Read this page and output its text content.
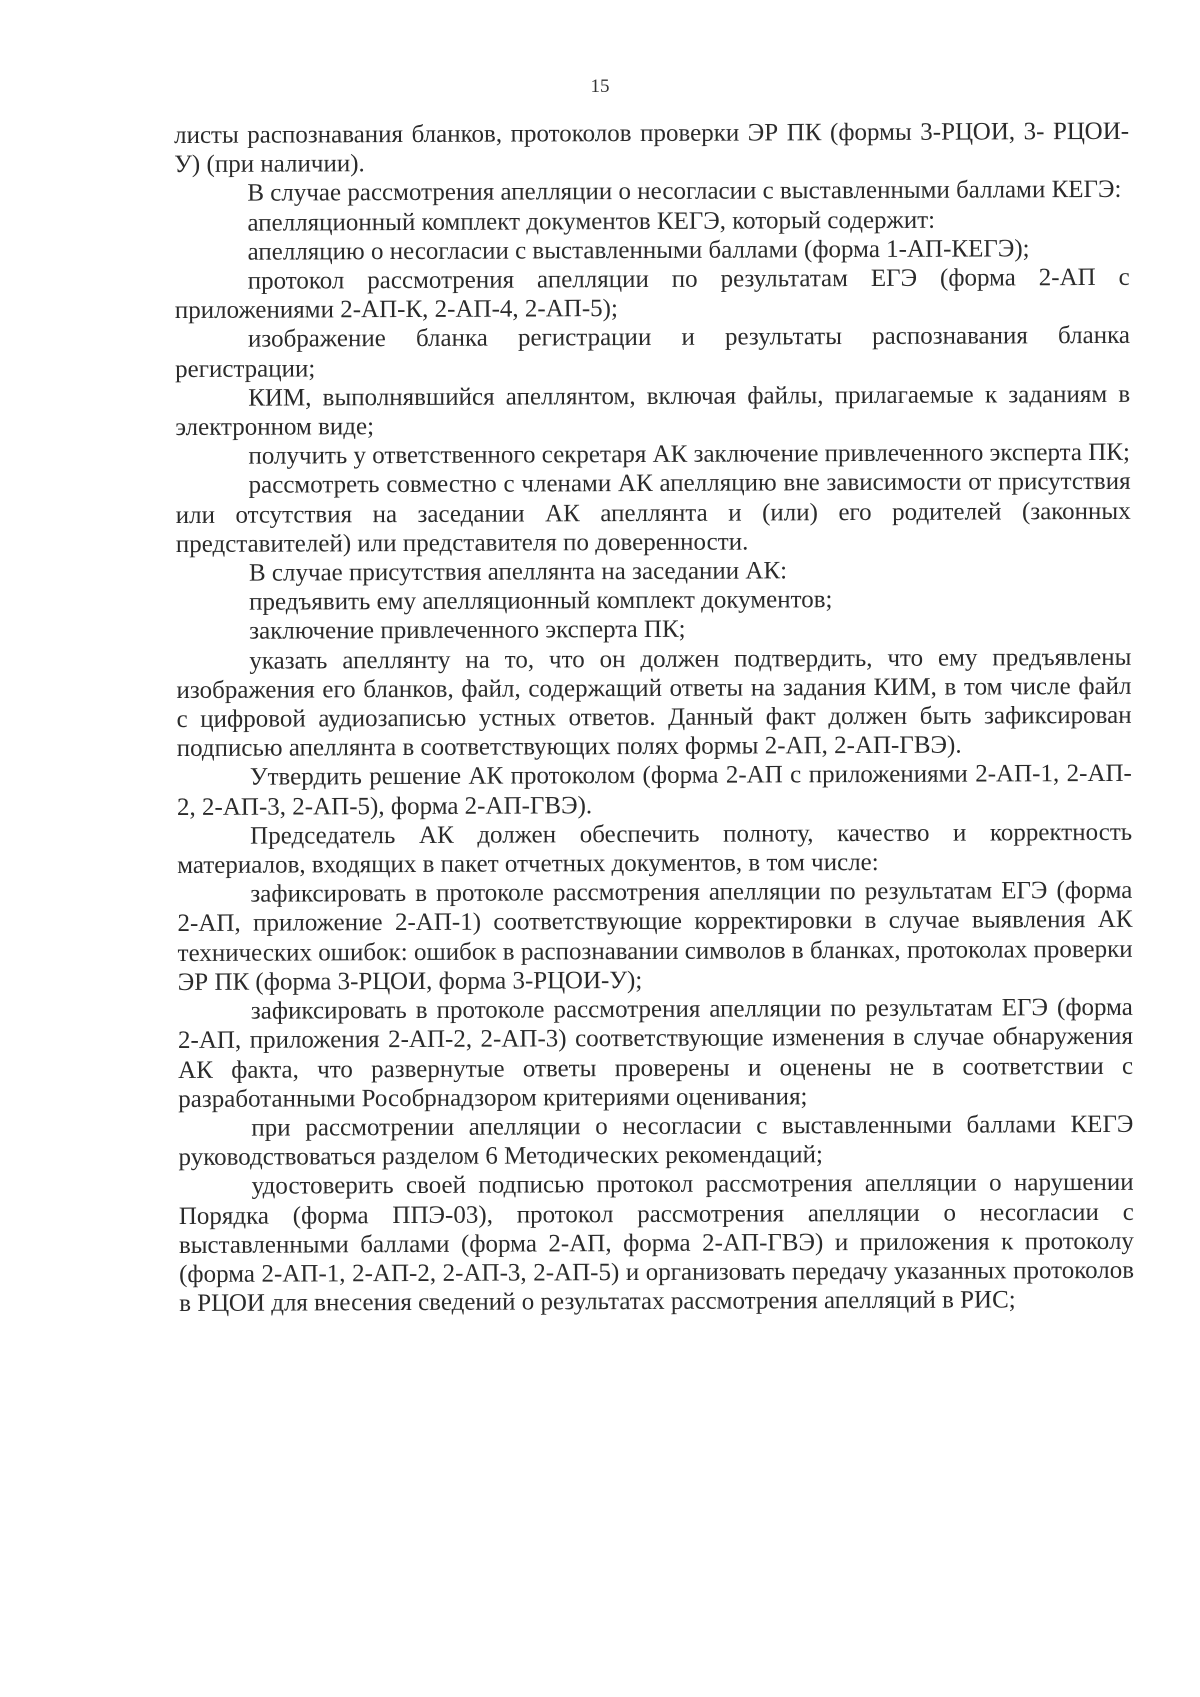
15

листы распознавания бланков, протоколов проверки ЭР ПК (формы 3-РЦОИ, 3- РЦОИ-У) (при наличии).

В случае рассмотрения апелляции о несогласии с выставленными баллами КЕГЭ:

апелляционный комплект документов КЕГЭ, который содержит:

апелляцию о несогласии с выставленными баллами (форма 1-АП-КЕГЭ);

протокол рассмотрения апелляции по результатам ЕГЭ (форма 2-АП с приложениями 2-АП-К, 2-АП-4, 2-АП-5);

изображение бланка регистрации и результаты распознавания бланка регистрации;

КИМ, выполнявшийся апеллянтом, включая файлы, прилагаемые к заданиям в электронном виде;

получить у ответственного секретаря АК заключение привлеченного эксперта ПК;

рассмотреть совместно с членами АК апелляцию вне зависимости от присутствия или отсутствия на заседании АК апеллянта и (или) его родителей (законных представителей) или представителя по доверенности.

В случае присутствия апеллянта на заседании АК:

предъявить ему апелляционный комплект документов;

заключение привлеченного эксперта ПК;

указать апеллянту на то, что он должен подтвердить, что ему предъявлены изображения его бланков, файл, содержащий ответы на задания КИМ, в том числе файл с цифровой аудиозаписью устных ответов. Данный факт должен быть зафиксирован подписью апеллянта в соответствующих полях формы 2-АП, 2-АП-ГВЭ).

Утвердить решение АК протоколом (форма 2-АП с приложениями 2-АП-1, 2-АП- 2, 2-АП-3, 2-АП-5), форма 2-АП-ГВЭ).

Председатель АК должен обеспечить полноту, качество и корректность материалов, входящих в пакет отчетных документов, в том числе:

зафиксировать в протоколе рассмотрения апелляции по результатам ЕГЭ (форма 2-АП, приложение 2-АП-1) соответствующие корректировки в случае выявления АК технических ошибок: ошибок в распознавании символов в бланках, протоколах проверки ЭР ПК (форма 3-РЦОИ, форма 3-РЦОИ-У);

зафиксировать в протоколе рассмотрения апелляции по результатам ЕГЭ (форма 2-АП, приложения 2-АП-2, 2-АП-3) соответствующие изменения в случае обнаружения АК факта, что развернутые ответы проверены и оценены не в соответствии с разработанными Рособрнадзором критериями оценивания;

при рассмотрении апелляции о несогласии с выставленными баллами КЕГЭ руководствоваться разделом 6 Методических рекомендаций;

удостоверить своей подписью протокол рассмотрения апелляции о нарушении Порядка (форма ППЭ-03), протокол рассмотрения апелляции о несогласии с выставленными баллами (форма 2-АП, форма 2-АП-ГВЭ) и приложения к протоколу (форма 2-АП-1, 2-АП-2, 2-АП-3, 2-АП-5) и организовать передачу указанных протоколов в РЦОИ для внесения сведений о результатах рассмотрения апелляций в РИС;
